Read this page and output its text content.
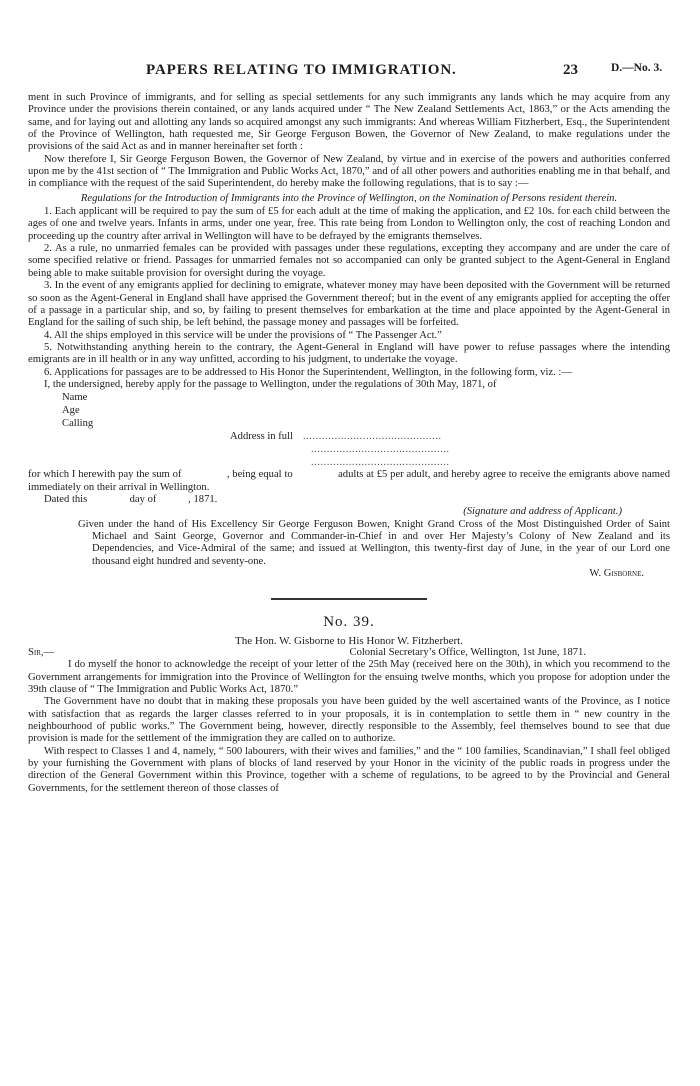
PAPERS RELATING TO IMMIGRATION.	23	D.—No. 3.

ment in such Province of immigrants, and for selling as special settlements for any such immigrants any lands which he may acquire from any Province under the provisions therein contained, or any lands acquired under “ The New Zealand Settlements Act, 1863,” or the Acts amending the same, and for laying out and allotting any lands so acquired amongst any such immigrants: And whereas William Fitzherbert, Esq., the Superintendent of the Province of Wellington, hath requested me, Sir George Ferguson Bowen, the Governor of New Zealand, to make regulations under the provisions of the said Act as and in manner hereinafter set forth :

Now therefore I, Sir George Ferguson Bowen, the Governor of New Zealand, by virtue and in exercise of the powers and authorities conferred upon me by the 41st section of “ The Immigration and Public Works Act, 1870,” and of all other powers and authorities enabling me in that behalf, and in compliance with the request of the said Superintendent, do hereby make the following regulations, that is to say :—

Regulations for the Introduction of Immigrants into the Province of Wellington, on the Nomination of Persons resident therein.

1. Each applicant will be required to pay the sum of £5 for each adult at the time of making the application, and £2 10s. for each child between the ages of one and twelve years. Infants in arms, under one year, free. This rate being from London to Wellington only, the cost of reaching London and proceeding up the country after arrival in Wellington will have to be defrayed by the emigrants themselves.

2. As a rule, no unmarried females can be provided with passages under these regulations, excepting they accompany and are under the care of some specified relative or friend. Passages for unmarried females not so accompanied can only be granted subject to the Agent-General in England being able to make suitable provision for oversight during the voyage.

3. In the event of any emigrants applied for declining to emigrate, whatever money may have been deposited with the Government will be returned so soon as the Agent-General in England shall have apprised the Government thereof; but in the event of any emigrants applied for accepting the offer of a passage in a particular ship, and so, by failing to present themselves for embarkation at the time and place appointed by the Agent-General in England for the sailing of such ship, be left behind, the passage money and passages will be forfeited.

4. All the ships employed in this service will be under the provisions of “ The Passenger Act.”

5. Notwithstanding anything herein to the contrary, the Agent-General in England will have power to refuse passages where the intending emigrants are in ill health or in any way unfitted, according to his judgment, to undertake the voyage.

6. Applications for passages are to be addressed to His Honor the Superintendent, Wellington, in the following form, viz. :—

I, the undersigned, hereby apply for the passage to Wellington, under the regulations of 30th May, 1871, of

Name
Age
Calling
Address in full ............................................
............................................
............................................

for which I herewith pay the sum of                , being equal to                adults at £5 per adult, and hereby agree to receive the emigrants above named immediately on their arrival in Wellington.

Dated this                day of            , 1871.

(Signature and address of Applicant.)

Given under the hand of His Excellency Sir George Ferguson Bowen, Knight Grand Cross of the Most Distinguished Order of Saint Michael and Saint George, Governor and Commander-in-Chief in and over Her Majesty’s Colony of New Zealand and its Dependencies, and Vice-Admiral of the same; and issued at Wellington, this twenty-first day of June, in the year of our Lord one thousand eight hundred and seventy-one.

W. Gisborne.

No. 39.
The Hon. W. Gisborne to His Honor W. Fitzherbert.
Sir,—	Colonial Secretary’s Office, Wellington, 1st June, 1871.

I do myself the honor to acknowledge the receipt of your letter of the 25th May (received here on the 30th), in which you recommend to the Government arrangements for immigration into the Province of Wellington for the ensuing twelve months, which you propose for adoption under the 39th clause of “ The Immigration and Public Works Act, 1870.”

The Government have no doubt that in making these proposals you have been guided by the well ascertained wants of the Province, as I notice with satisfaction that as regards the larger classes referred to in your proposals, it is in contemplation to settle them in “ new country in the neighbourhood of public works.” The Government being, however, directly responsible to the Assembly, feel themselves bound to see that due provision is made for the settlement of the immigration they are called on to authorize.

With respect to Classes 1 and 4, namely, “ 500 labourers, with their wives and families,” and the “ 100 families, Scandinavian,” I shall feel obliged by your furnishing the Government with plans of blocks of land reserved by your Honor in the vicinity of the public roads in progress under the direction of the General Government within this Province, together with a scheme of regulations, to be agreed to by the Provincial and General Governments, for the settlement thereon of those classes of
